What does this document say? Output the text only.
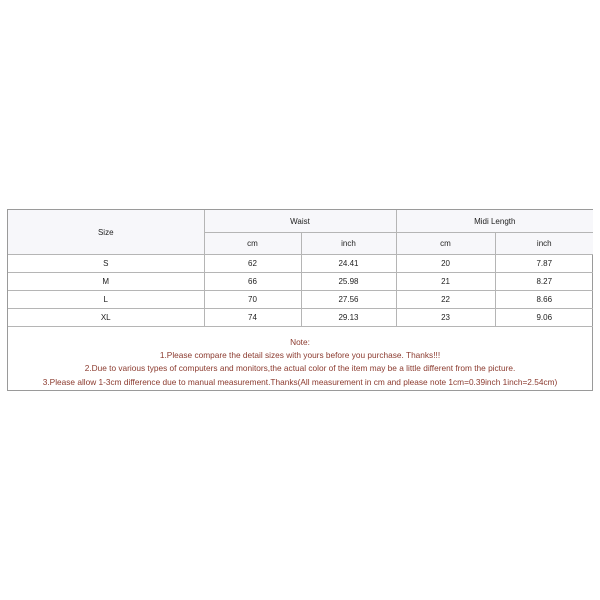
Size	Waist		Midi Length	
	cm	inch	cm	inch
S	62	24.41	20	7.87
M	66	25.98	21	8.27
L	70	27.56	22	8.66
XL	74	29.13	23	9.06
Note:
1.Please compare the detail sizes with yours before you purchase. Thanks!!!
2.Due to various types of computers and monitors,the actual color of the item may be a little different from the picture.
3.Please allow 1-3cm difference due to manual measurement.Thanks(All measurement in cm and please note 1cm=0.39inch 1inch=2.54cm)
